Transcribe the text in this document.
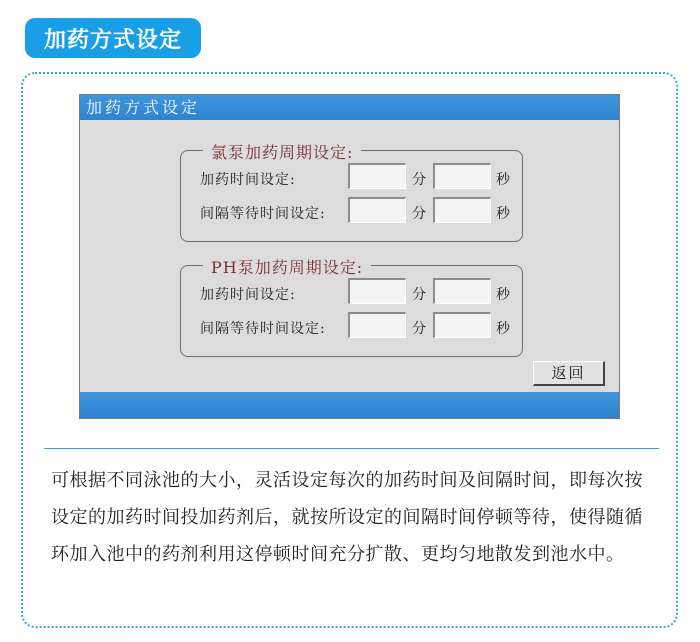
加药方式设定
加药方式设定
氯泵加药周期设定:
加药时间设定:	分	秒
间隔等待时间设定:	分	秒
PH泵加药周期设定:
加药时间设定:	分	秒
间隔等待时间设定:	分	秒
返回

可根据不同泳池的大小，灵活设定每次的加药时间及间隔时间，即每次按设定的加药时间投加药剂后，就按所设定的间隔时间停顿等待，使得随循环加入池中的药剂利用这停顿时间充分扩散、更均匀地散发到池水中。
